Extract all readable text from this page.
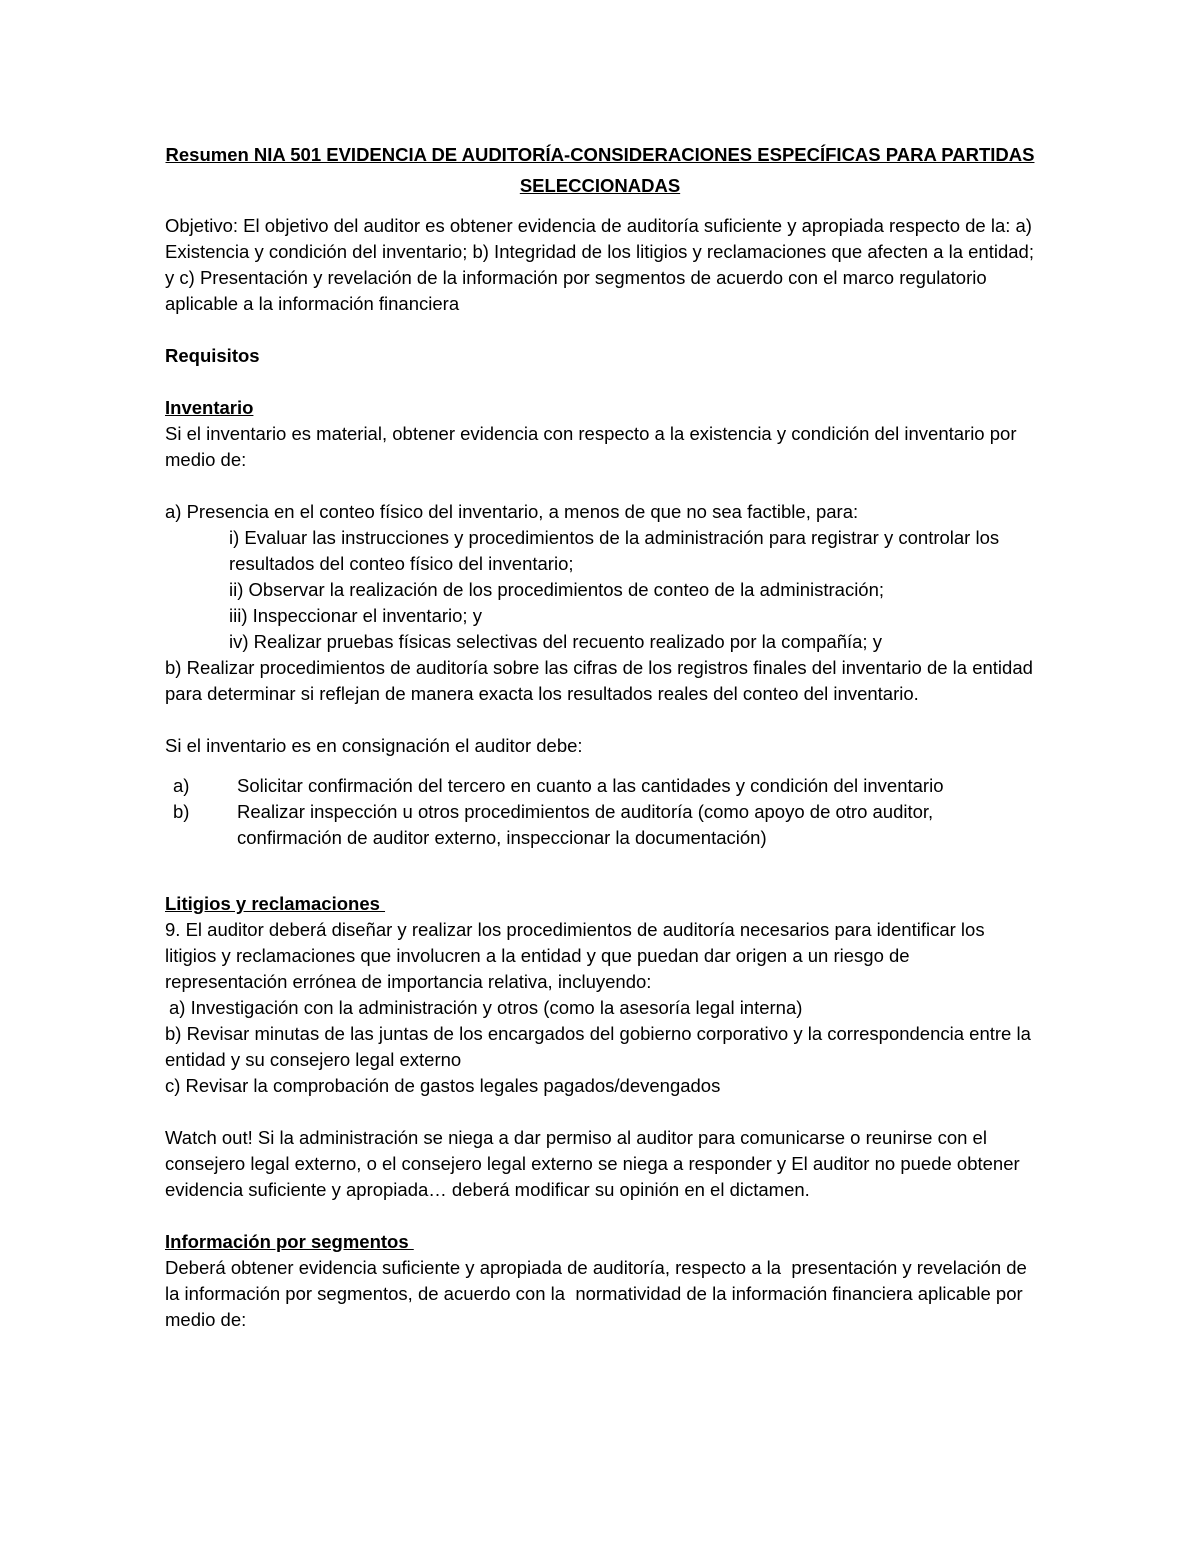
Resumen NIA 501 EVIDENCIA DE AUDITORÍA-CONSIDERACIONES ESPECÍFICAS PARA PARTIDAS
SELECCIONADAS

Objetivo: El objetivo del auditor es obtener evidencia de auditoría suficiente y apropiada respecto de la: a) Existencia y condición del inventario; b) Integridad de los litigios y reclamaciones que afecten a la entidad; y c) Presentación y revelación de la información por segmentos de acuerdo con el marco regulatorio aplicable a la información financiera

Requisitos

Inventario

Si el inventario es material, obtener evidencia con respecto a la existencia y condición del inventario por medio de:

a) Presencia en el conteo físico del inventario, a menos de que no sea factible, para:

i) Evaluar las instrucciones y procedimientos de la administración para registrar y controlar los resultados del conteo físico del inventario;

ii) Observar la realización de los procedimientos de conteo de la administración;

iii) Inspeccionar el inventario; y

iv) Realizar pruebas físicas selectivas del recuento realizado por la compañía; y

b) Realizar procedimientos de auditoría sobre las cifras de los registros finales del inventario de la entidad para determinar si reflejan de manera exacta los resultados reales del conteo del inventario.

Si el inventario es en consignación el auditor debe:

a)	Solicitar confirmación del tercero en cuanto a las cantidades y condición del inventario
b)	Realizar inspección u otros procedimientos de auditoría (como apoyo de otro auditor, confirmación de auditor externo, inspeccionar la documentación)

Litigios y reclamaciones

9. El auditor deberá diseñar y realizar los procedimientos de auditoría necesarios para identificar los litigios y reclamaciones que involucren a la entidad y que puedan dar origen a un riesgo de representación errónea de importancia relativa, incluyendo:

a) Investigación con la administración y otros (como la asesoría legal interna)

b) Revisar minutas de las juntas de los encargados del gobierno corporativo y la correspondencia entre la entidad y su consejero legal externo

c) Revisar la comprobación de gastos legales pagados/devengados

Watch out! Si la administración se niega a dar permiso al auditor para comunicarse o reunirse con el consejero legal externo, o el consejero legal externo se niega a responder y El auditor no puede obtener evidencia suficiente y apropiada… deberá modificar su opinión en el dictamen.

Información por segmentos

Deberá obtener evidencia suficiente y apropiada de auditoría, respecto a la  presentación y revelación de la información por segmentos, de acuerdo con la  normatividad de la información financiera aplicable por medio de:
